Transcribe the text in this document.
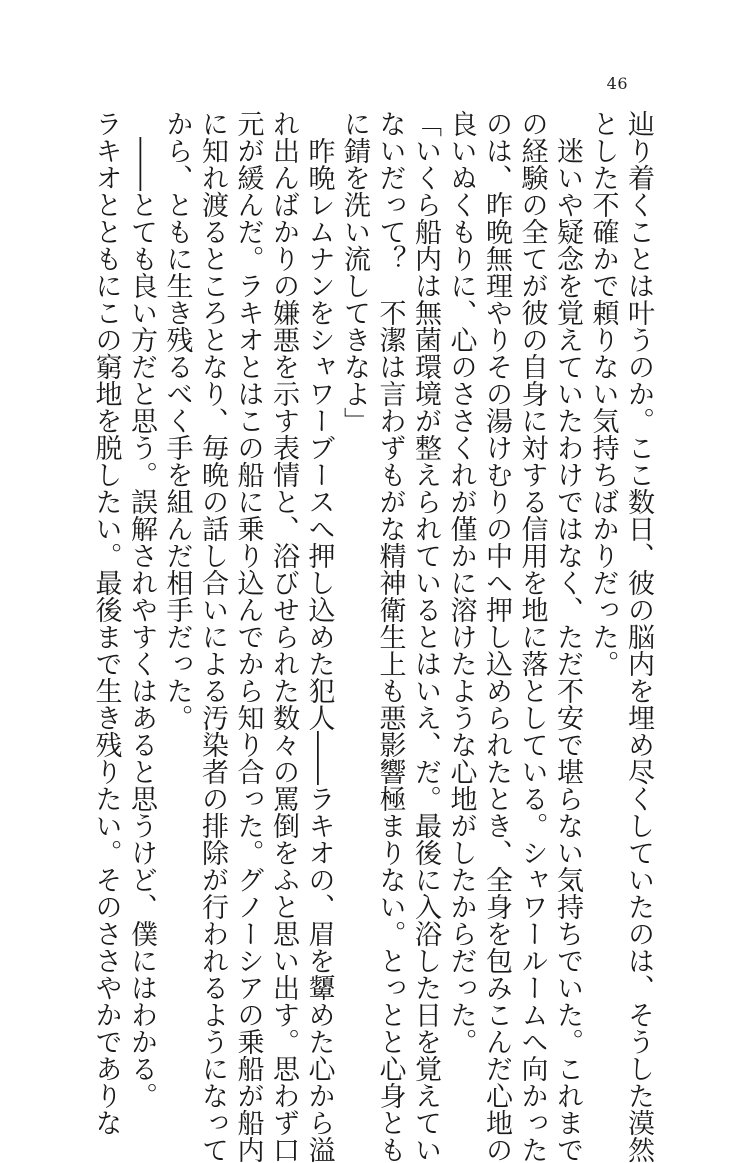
46
辿り着くことは叶うのか。ここ数日、彼の脳内を埋め尽くしていたのは、そうした漠然
とした不確かで頼りない気持ちばかりだった。
　迷いや疑念を覚えていたわけではなく、ただ不安で堪らない気持ちでいた。これまで
の経験の全てが彼の自身に対する信用を地に落としている。シャワールームへ向かった
のは、昨晩無理やりその湯けむりの中へ押し込められたとき、全身を包みこんだ心地の
良いぬくもりに、心のささくれが僅かに溶けたような心地がしたからだった。
「いくら船内は無菌環境が整えられているとはいえ、だ。最後に入浴した日を覚えてい
ないだって？　不潔は言わずもがな精神衛生上も悪影響極まりない。とっとと心身とも
に錆を洗い流してきなよ」
　昨晩レムナンをシャワーブースへ押し込めた犯人――ラキオの、眉を顰めた心から溢
れ出んばかりの嫌悪を示す表情と、浴びせられた数々の罵倒をふと思い出す。思わず口
元が緩んだ。ラキオとはこの船に乗り込んでから知り合った。グノーシアの乗船が船内
に知れ渡るところとなり、毎晩の話し合いによる汚染者の排除が行われるようになって
から、ともに生き残るべく手を組んだ相手だった。
　――とても良い方だと思う。誤解されやすくはあると思うけど、僕にはわかる。
ラキオとともにこの窮地を脱したい。最後まで生き残りたい。そのささやかでありな
